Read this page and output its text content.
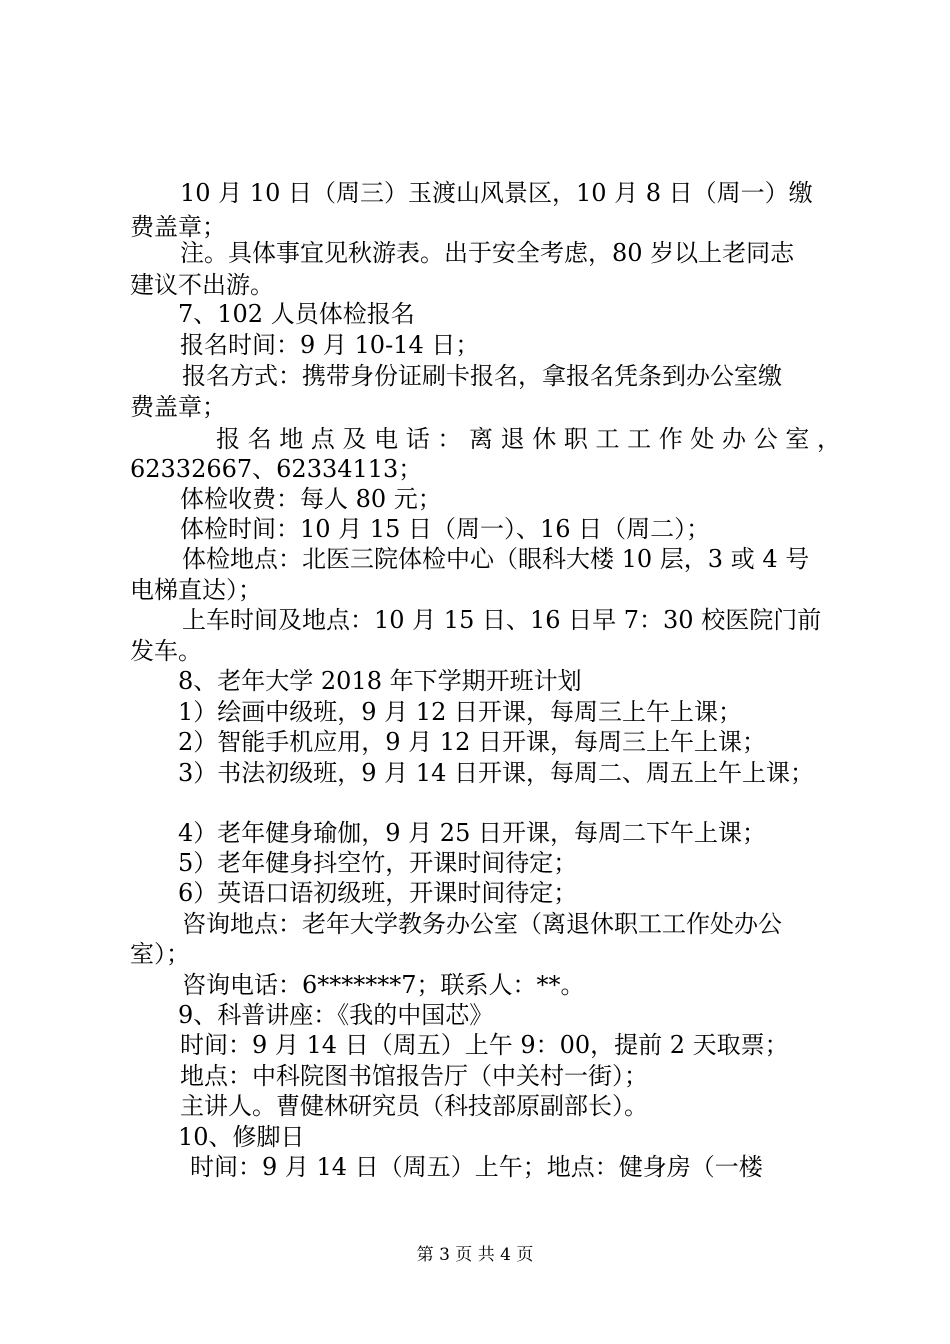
10 月 10 日（周三）玉渡山风景区，10 月 8 日（周一）缴
费盖章；
注。具体事宜见秋游表。出于安全考虑，80 岁以上老同志
建议不出游。
7、102 人员体检报名
报名时间：9 月 10-14 日；
报名方式：携带身份证刷卡报名，拿报名凭条到办公室缴
费盖章；
报 名 地 点 及 电 话 ： 离 退 休 职 工 工 作 处 办 公 室 ，
62332667、62334113；
体检收费：每人 80 元；
体检时间：10 月 15 日（周一）、16 日（周二）；
体检地点：北医三院体检中心（眼科大楼 10 层，3 或 4 号
电梯直达）；
上车时间及地点：10 月 15 日、16 日早 7：30 校医院门前
发车。
8、老年大学 2018 年下学期开班计划
1）绘画中级班，9 月 12 日开课，每周三上午上课；
2）智能手机应用，9 月 12 日开课，每周三上午上课；
3）书法初级班，9 月 14 日开课，每周二、周五上午上课；
4）老年健身瑜伽，9 月 25 日开课，每周二下午上课；
5）老年健身抖空竹，开课时间待定；
6）英语口语初级班，开课时间待定；
咨询地点：老年大学教务办公室（离退休职工工作处办公
室）；
咨询电话：6*******7；联系人：**。
9、科普讲座：《我的中国芯》
时间：9 月 14 日（周五）上午 9：00，提前 2 天取票；
地点：中科院图书馆报告厅（中关村一街）；
主讲人。曹健林研究员（科技部原副部长）。
10、修脚日
时间：9 月 14 日（周五）上午；地点：健身房（一楼
第 3 页 共 4 页
